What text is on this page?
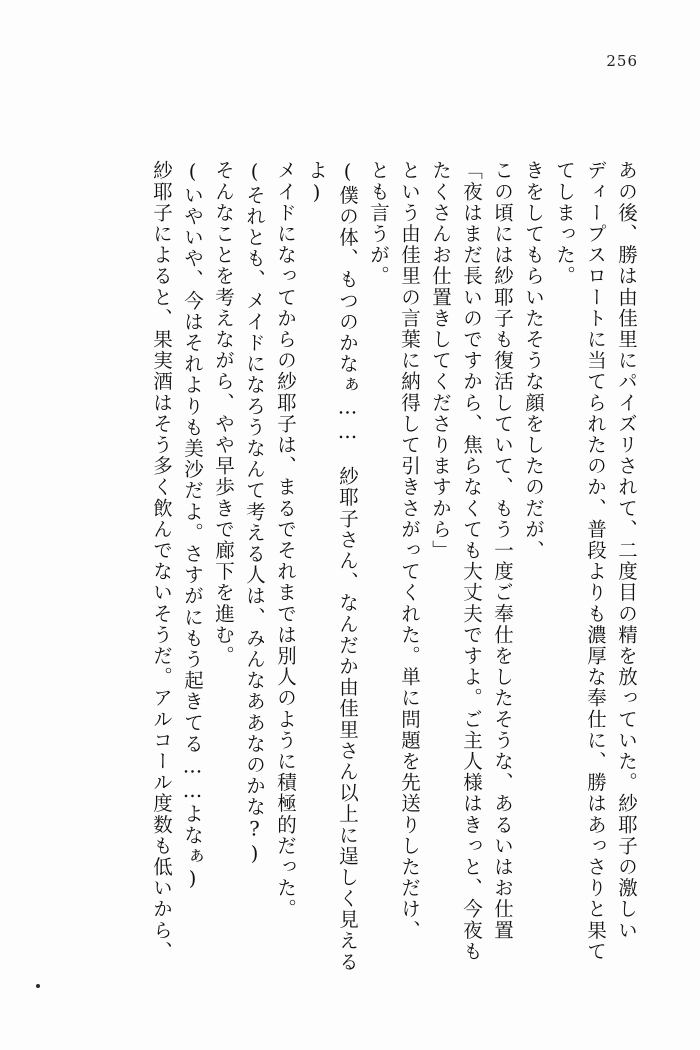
256
あの後、勝は由佳里にパイズリされて、二度目の精を放っていた。紗耶子の激しい
ディープスロートに当てられたのか、普段よりも濃厚な奉仕に、勝はあっさりと果て
てしまった。
きをしてもらいたそうな顔をしたのだが、
この頃には紗耶子も復活していて、もう一度ご奉仕をしたそうな、あるいはお仕置
「夜はまだ長いのですから、焦らなくても大丈夫ですよ。ご主人様はきっと、今夜も
たくさんお仕置きしてくださりますから」
という由佳里の言葉に納得して引きさがってくれた。単に問題を先送りしただけ、
とも言うが。
(僕の体、もつのかなぁ……　紗耶子さん、なんだか由佳里さん以上に逞しく見える
よ)
メイドになってからの紗耶子は、まるでそれまでは別人のように積極的だった。
(それとも、メイドになろうなんて考える人は、みんなああなのかな?)
そんなことを考えながら、やや早歩きで廊下を進む。
(いやいや、今はそれよりも美沙だよ。さすがにもう起きてる……よなぁ)
紗耶子によると、果実酒はそう多く飲んでないそうだ。アルコール度数も低いから、
